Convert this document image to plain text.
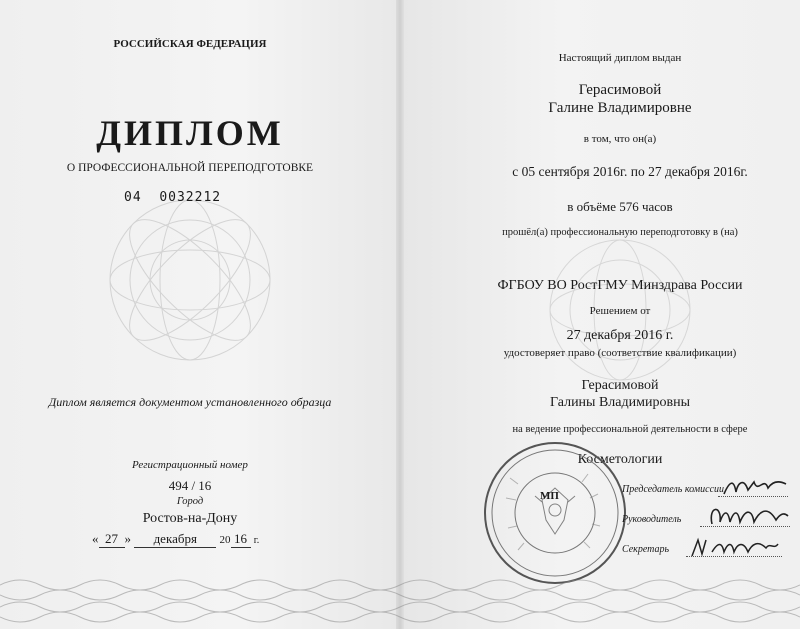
РОССИЙСКАЯ ФЕДЕРАЦИЯ
ДИПЛОМ
О ПРОФЕССИОНАЛЬНОЙ ПЕРЕПОДГОТОВКЕ
04 0032212
Диплом является документом установленного образца
Регистрационный номер
494 / 16
Город
Ростов-на-Дону
« 27 » декабря 20 16 г.
Настоящий диплом выдан
Герасимовой
Галине Владимировне
в том, что он(а)
с 05 сентября 2016г. по 27 декабря 2016г.
в объёме 576 часов
прошёл(а) профессиональную переподготовку в (на)
ФГБОУ ВО РостГМУ Минздрава России
Решением от
27 декабря 2016 г.
удостоверяет право (соответствие квалификации)
Герасимовой
Галины Владимировны
на ведение профессиональной деятельности в сфере
Косметологии
МП
Председатель комиссии
Руководитель
Секретарь
